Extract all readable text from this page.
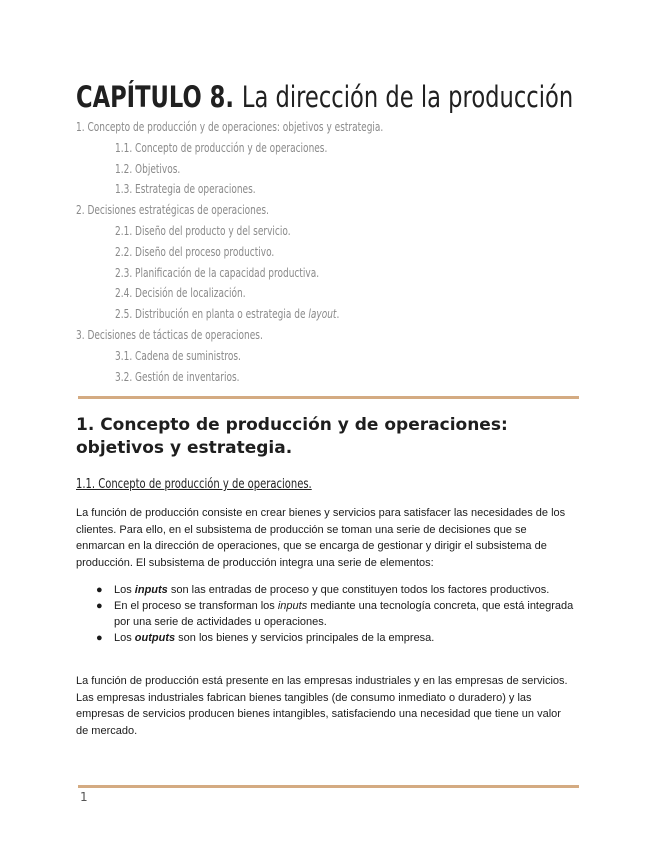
CAPÍTULO 8. La dirección de la producción
1. Concepto de producción y de operaciones: objetivos y estrategia.
1.1. Concepto de producción y de operaciones.
1.2. Objetivos.
1.3. Estrategia de operaciones.
2. Decisiones estratégicas de operaciones.
2.1. Diseño del producto y del servicio.
2.2. Diseño del proceso productivo.
2.3. Planificación de la capacidad productiva.
2.4. Decisión de localización.
2.5. Distribución en planta o estrategia de layout.
3. Decisiones de tácticas de operaciones.
3.1. Cadena de suministros.
3.2. Gestión de inventarios.
1. Concepto de producción y de operaciones: objetivos y estrategia.
1.1. Concepto de producción y de operaciones.

La función de producción consiste en crear bienes y servicios para satisfacer las necesidades de los clientes. Para ello, en el subsistema de producción se toman una serie de decisiones que se enmarcan en la dirección de operaciones, que se encarga de gestionar y dirigir el subsistema de producción. El subsistema de producción integra una serie de elementos:

● Los inputs son las entradas de proceso y que constituyen todos los factores productivos.
● En el proceso se transforman los inputs mediante una tecnología concreta, que está integrada por una serie de actividades u operaciones.
● Los outputs son los bienes y servicios principales de la empresa.

La función de producción está presente en las empresas industriales y en las empresas de servicios. Las empresas industriales fabrican bienes tangibles (de consumo inmediato o duradero) y las empresas de servicios producen bienes intangibles, satisfaciendo una necesidad que tiene un valor de mercado.

1
